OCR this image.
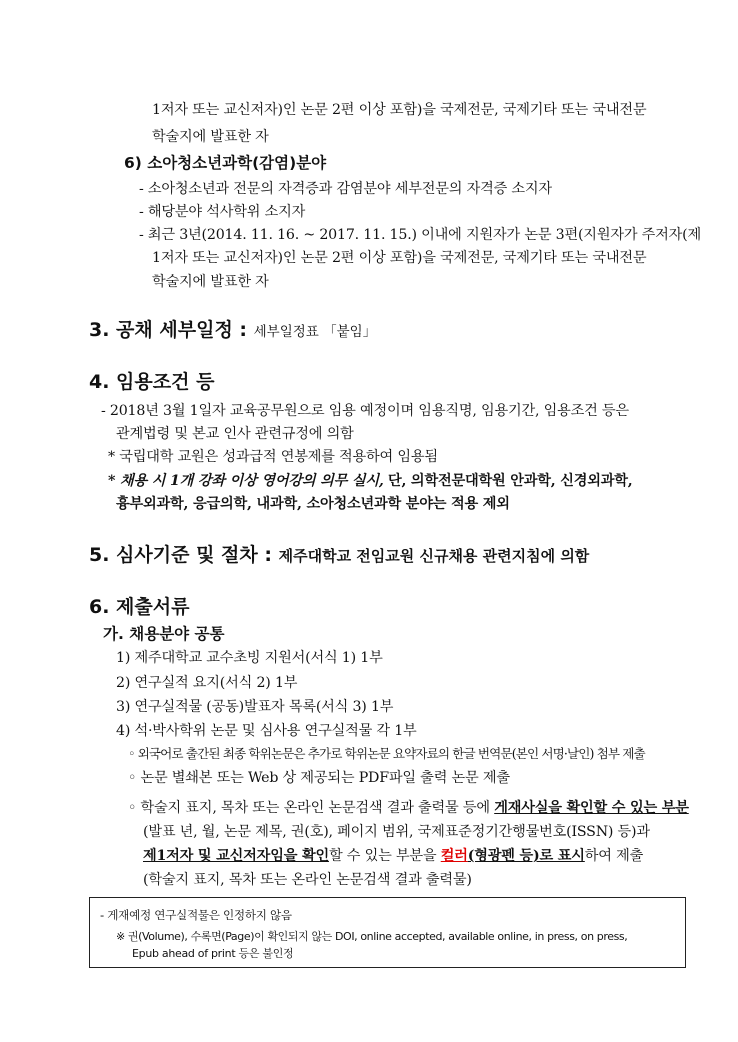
1저자 또는 교신저자)인 논문 2편 이상 포함)을 국제전문, 국제기타 또는 국내전문
학술지에 발표한 자
6) 소아청소년과학(감염)분야
- 소아청소년과 전문의 자격증과 감염분야 세부전문의 자격증 소지자
- 해당분야 석사학위 소지자
- 최근 3년(2014. 11. 16. ~ 2017. 11. 15.) 이내에 지원자가 논문 3편(지원자가 주저자(제
1저자 또는 교신저자)인 논문 2편 이상 포함)을 국제전문, 국제기타 또는 국내전문
학술지에 발표한 자
3. 공채 세부일정 : 세부일정표 「붙임」
4. 임용조건 등
- 2018년 3월 1일자 교육공무원으로 임용 예정이며 임용직명, 임용기간, 임용조건 등은
관계법령 및 본교 인사 관련규정에 의함
* 국립대학 교원은 성과급적 연봉제를 적용하여 임용됨
* 채용 시 1개 강좌 이상 영어강의 의무 실시, 단, 의학전문대학원 안과학, 신경외과학,
흉부외과학, 응급의학, 내과학, 소아청소년과학 분야는 적용 제외
5. 심사기준 및 절차 : 제주대학교 전임교원 신규채용 관련지침에 의함
6. 제출서류
가. 채용분야 공통
1) 제주대학교 교수초빙 지원서(서식 1) 1부
2) 연구실적 요지(서식 2) 1부
3) 연구실적물 (공동)발표자 목록(서식 3) 1부
4) 석·박사학위 논문 및 심사용 연구실적물 각 1부
◦ 외국어로 출간된 최종 학위논문은 추가로 학위논문 요약자료의 한글 번역문(본인 서명·날인) 첨부 제출
◦ 논문 별쇄본 또는 Web 상 제공되는 PDF파일 출력 논문 제출
◦ 학술지 표지, 목차 또는 온라인 논문검색 결과 출력물 등에 게재사실을 확인할 수 있는 부분
(발표 년, 월, 논문 제목, 권(호), 페이지 범위, 국제표준정기간행물번호(ISSN) 등)과
제1저자 및 교신저자임을 확인할 수 있는 부분을 컬러(형광펜 등)로 표시하여 제출
(학술지 표지, 목차 또는 온라인 논문검색 결과 출력물)
- 게재예정 연구실적물은 인정하지 않음
※ 권(Volume), 수록면(Page)이 확인되지 않는 DOI, online accepted, available online, in press, on press,
Epub ahead of print 등은 불인정
